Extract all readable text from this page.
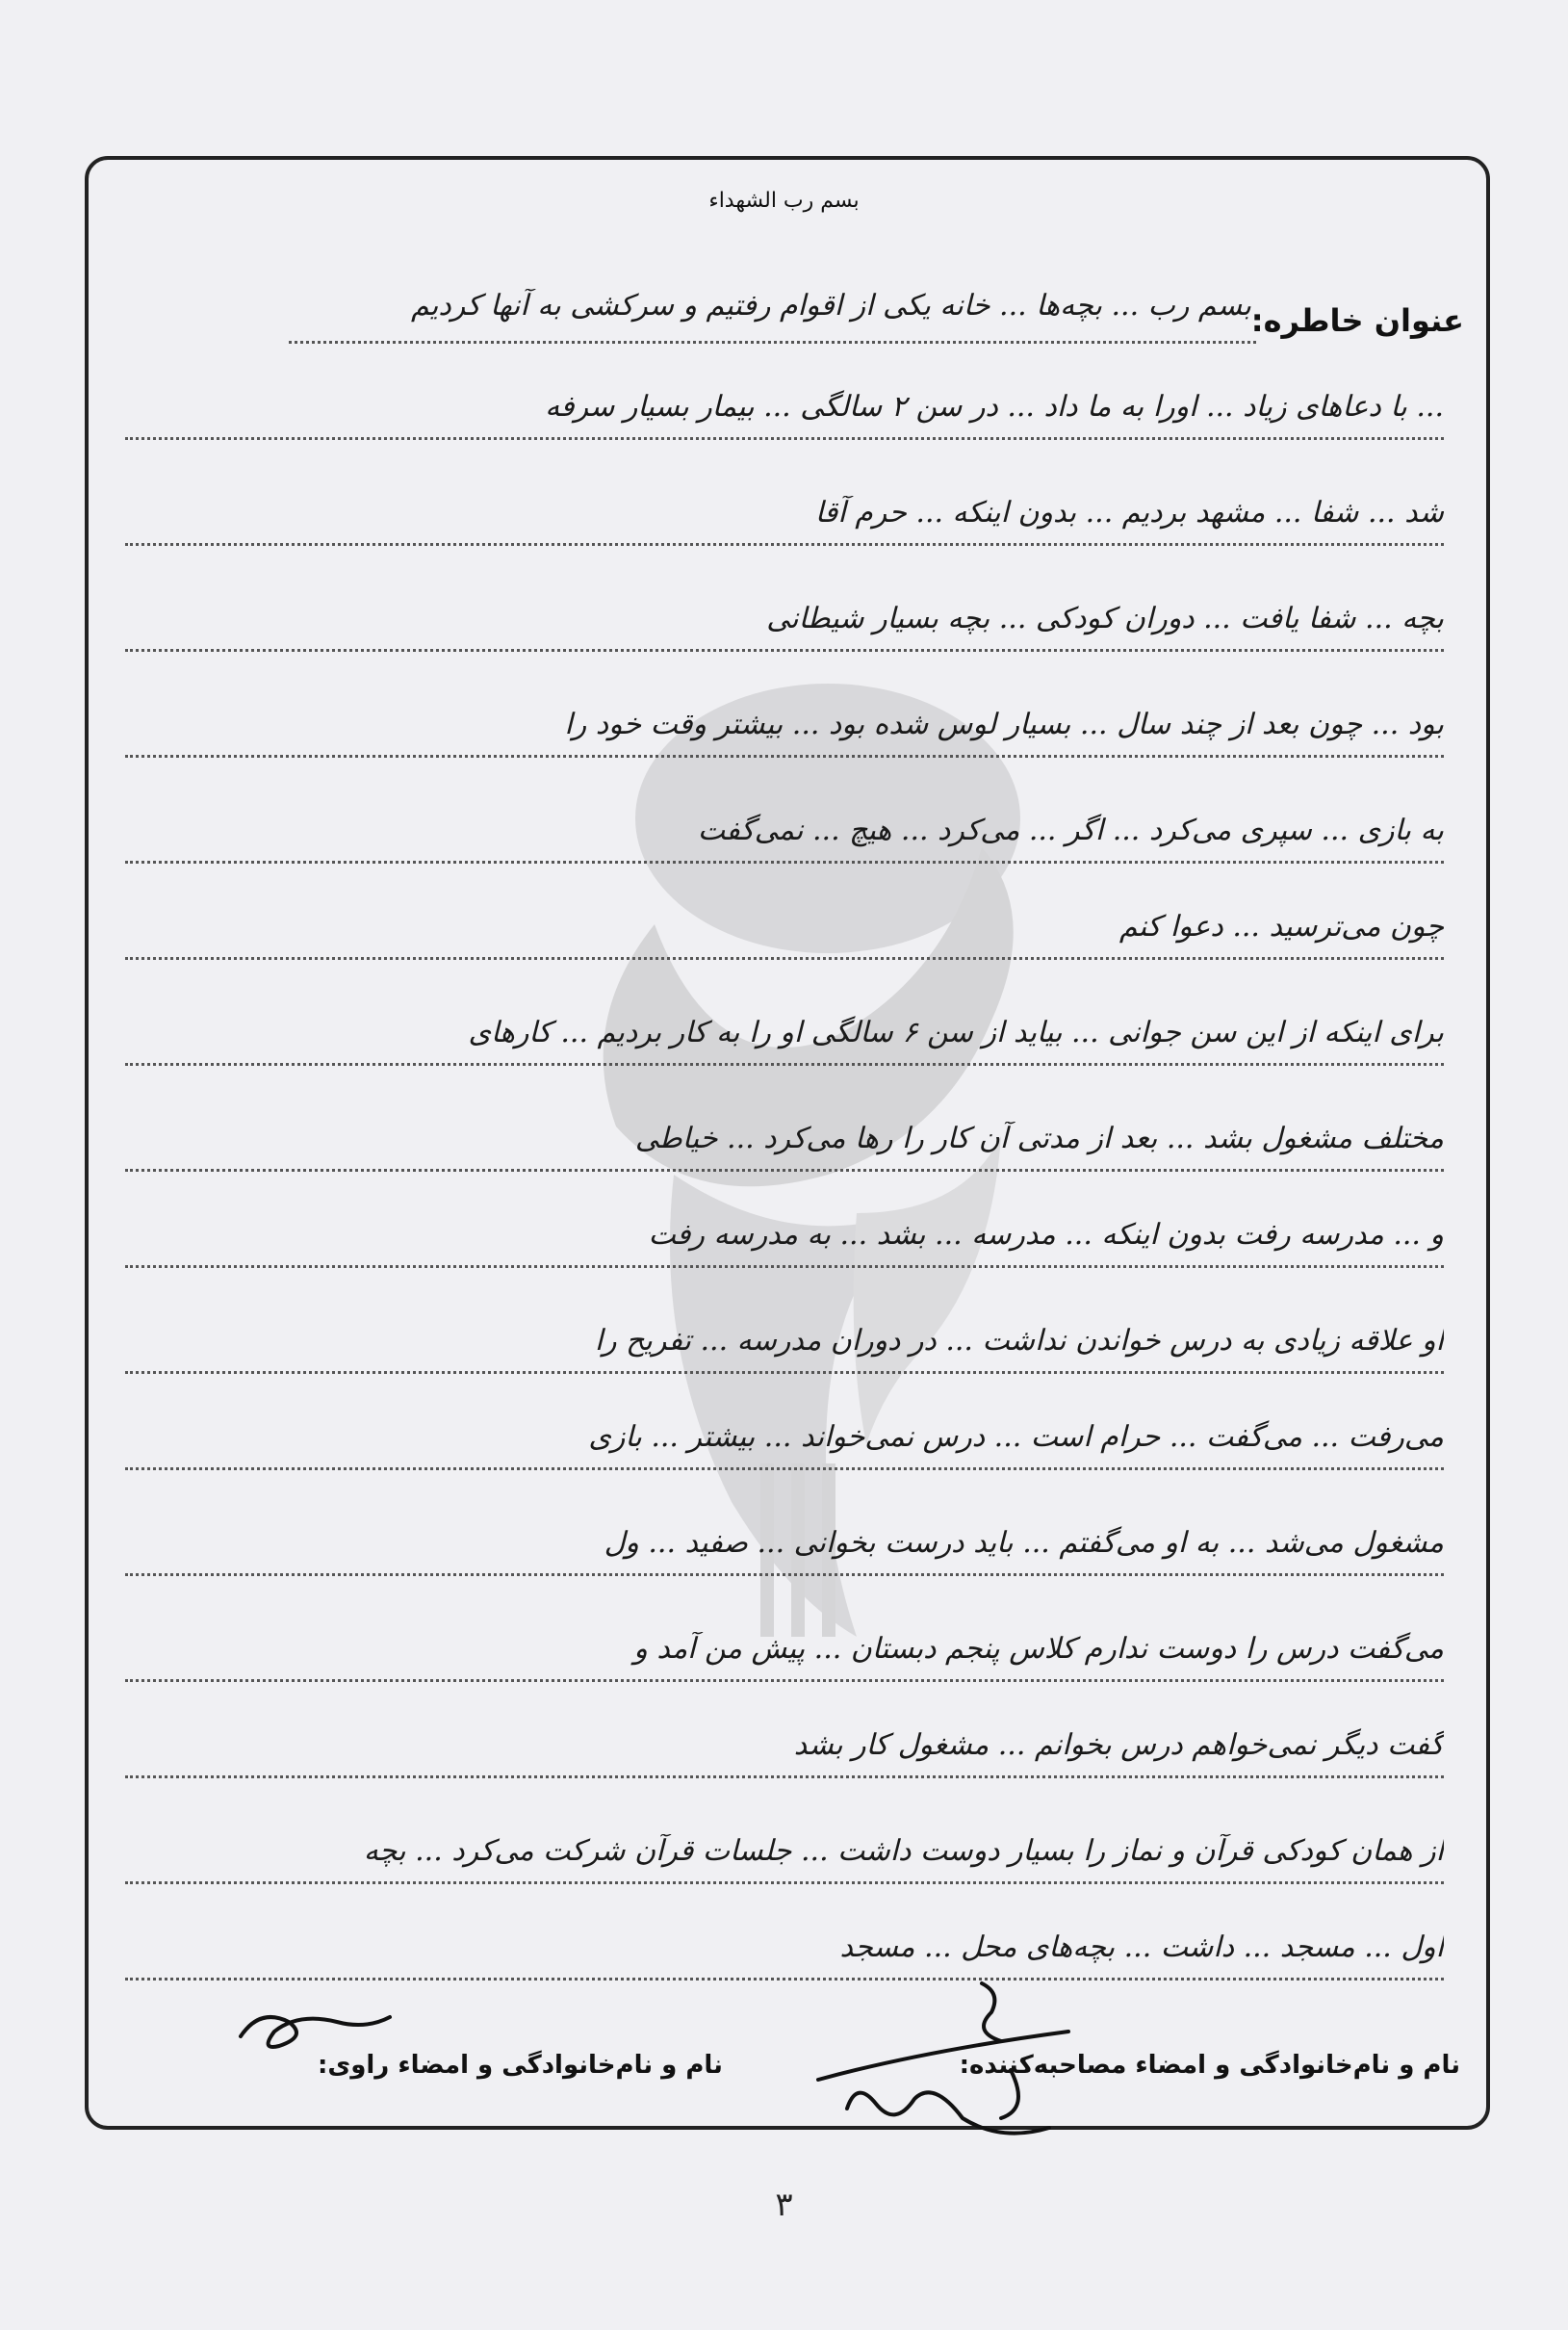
بسم رب الشهداء
عنوان خاطره:
بسم رب ... بچه‌ها ... خانه یکی از اقوام رفتیم و سرکشی به آنها کردیم
... با دعاهای زیاد ... اورا به ما داد ... در سن ۲ سالگی ... بیمار بسیار سرفه
شد ... شفا ... مشهد بردیم ... بدون اینکه ... حرم آقا
بچه ... شفا یافت ... دوران کودکی ... بچه بسیار شیطانی
بود ... چون بعد از چند سال ... بسیار لوس شده بود ... بیشتر وقت خود را
به بازی ... سپری می‌کرد ... اگر ... می‌کرد ... هیچ ... نمی‌گفت
چون می‌ترسید ... دعوا کنم
برای اینکه از این سن جوانی ... بیاید از سن ۶ سالگی او را به کار بردیم ... کارهای
مختلف مشغول بشد ... بعد از مدتی آن کار را رها می‌کرد ... خیاطی
و ... مدرسه رفت بدون اینکه ... مدرسه ... بشد ... به مدرسه رفت
او علاقه زیادی به درس خواندن نداشت ... در دوران مدرسه ... تفریح را
می‌رفت ... می‌گفت ... حرام است ... درس نمی‌خواند ... بیشتر ... بازی
مشغول می‌شد ... به او می‌گفتم ... باید درست بخوانی ... صفید ... ول
می‌گفت درس را دوست ندارم کلاس پنجم دبستان ... پیش من آمد و
گفت دیگر نمی‌خواهم درس بخوانم ... مشغول کار بشد
از همان کودکی قرآن و نماز را بسیار دوست داشت ... جلسات قرآن شرکت می‌کرد ... بچه
اول ... مسجد ... داشت ... بچه‌های محل ... مسجد
نام و نام‌خانوادگی و امضاء مصاحبه‌کننده:
نام و نام‌خانوادگی و امضاء راوی:
۳
